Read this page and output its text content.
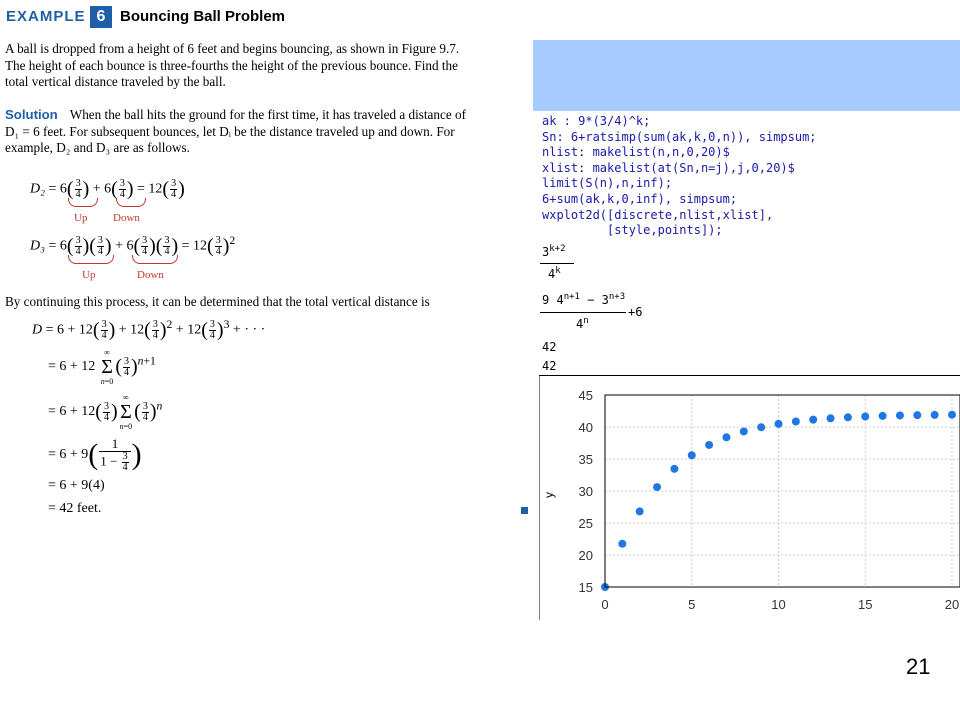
EXAMPLE 6 Bouncing Ball Problem
A ball is dropped from a height of 6 feet and begins bouncing, as shown in Figure 9.7.
The height of each bounce is three-fourths the height of the previous bounce. Find the
total vertical distance traveled by the ball.
Solution When the ball hits the ground for the first time, it has traveled a distance of
D₁ = 6 feet. For subsequent bounces, let Dᵢ be the distance traveled up and down. For
example, D₂ and D₃ are as follows.
$D_2 = 6( \frac{3}{4}$ ) + $6( \frac{3}{4}$ ) = $12( \frac{3}{4}$ )
Up Down
$D_3 = 6( \frac{3}{4}$ )( $\frac{3}{4}$ ) + $6( \frac{3}{4}$ )( $\frac{3}{4}$ ) = $12( \frac{3}{4} )^2$
Up	Down
By continuing this process, it can be determined that the total vertical distance is
$D = 6 + 12( \frac{3}{4}$ ) + $12( \frac{3}{4} )^2 + 12( \frac{3}{4} )^3$ + · · ·
= 6 + 12 ∞
Σ
$n=0( \frac{3}{4} )^{n+1}$
= $6 + 12( \frac{3}{4}$ )∞
Σ
$n=0( \frac{3}{4} )^n$
= $6 + 9( \frac{1}{1 - \frac{3}{4}}$ )
= 6 + 9(4)
= 42 feet.
ak : 9*(3/4)^k;
Sn: 6+ratsimp(sum(ak,k,0,n)), simpsum;
nlist: makelist(n,n,0,20)$
xlist: makelist(at(Sn,n=j),j,0,20)$
limit(S(n),n,inf);
6+sum(ak,k,0,inf), simpsum;
wxplot2d([discrete,nlist,xlist],
[style,points]);
$3^{k+2}$
4$^k$
9 $4^{n+1} - 3^{n+3}$
+6
4$^n$
42
42
15
20
25
30
35
40
45
0	5	10	15	20
y
21
